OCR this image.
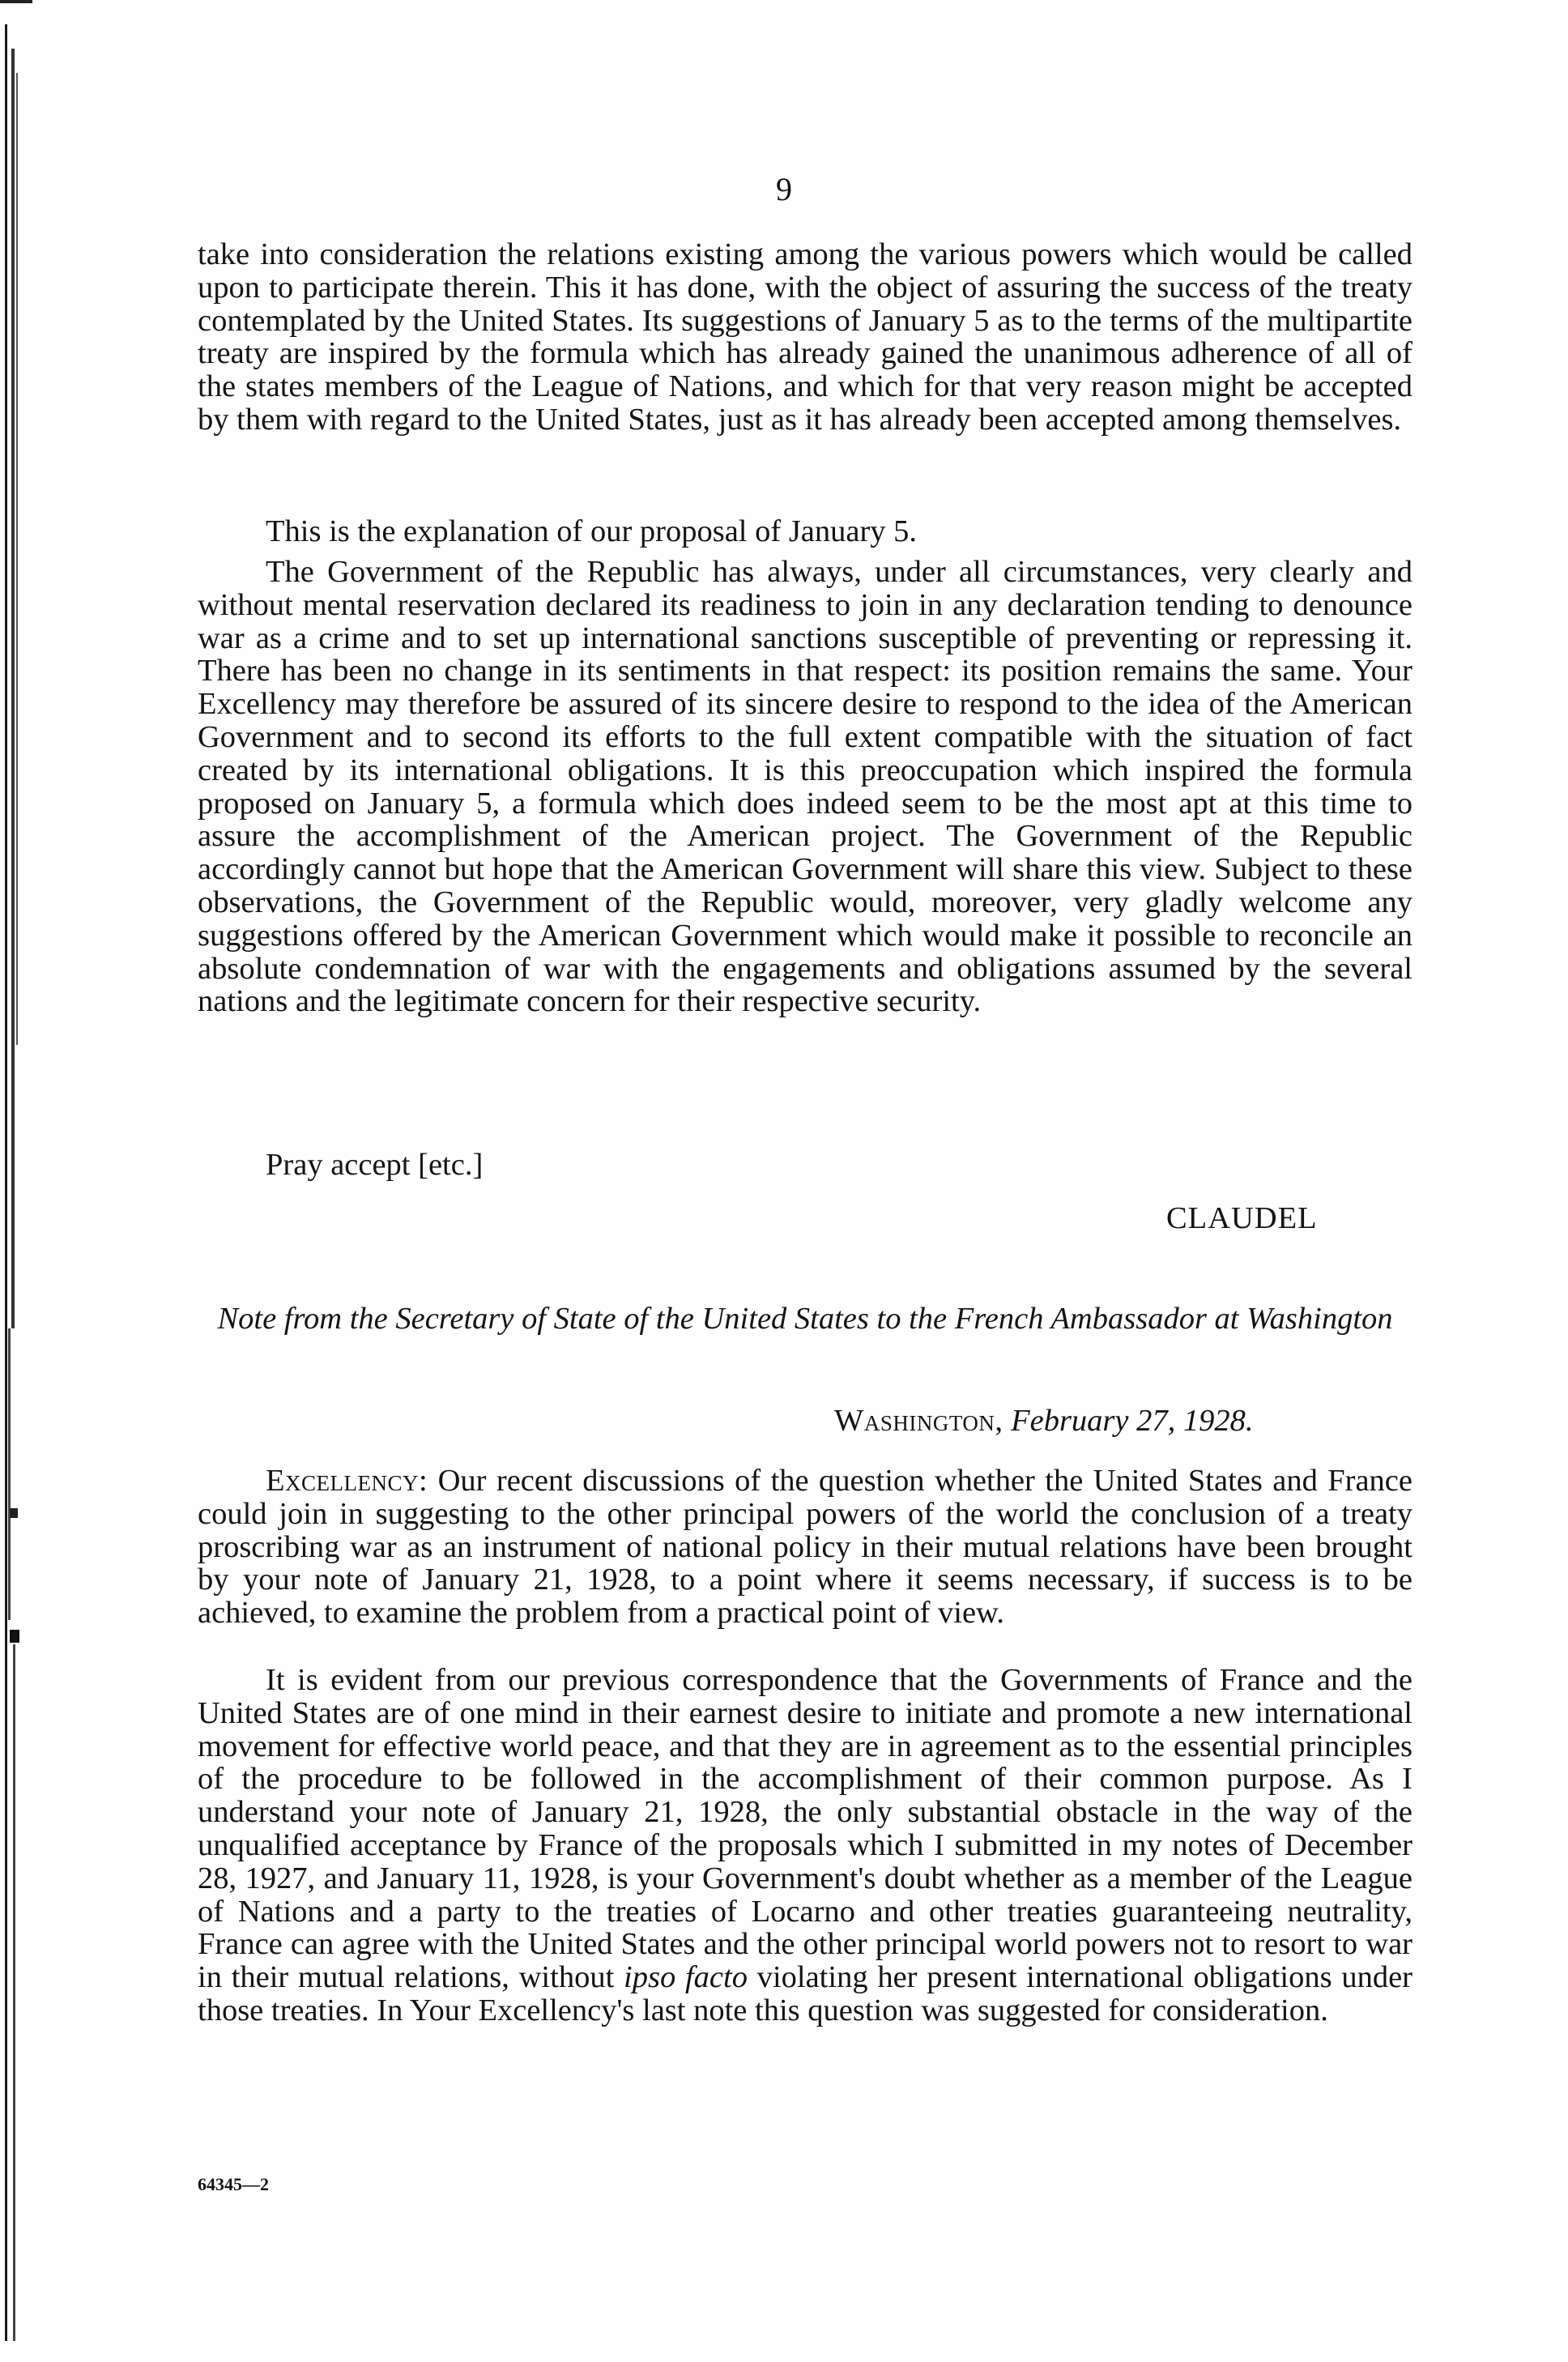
9

take into consideration the relations existing among the various powers which would be called upon to participate therein. This it has done, with the object of assuring the success of the treaty contemplated by the United States. Its suggestions of January 5 as to the terms of the multipartite treaty are inspired by the formula which has already gained the unanimous adherence of all of the states members of the League of Nations, and which for that very reason might be accepted by them with regard to the United States, just as it has already been accepted among themselves.

This is the explanation of our proposal of January 5.

The Government of the Republic has always, under all circumstances, very clearly and without mental reservation declared its readiness to join in any declaration tending to denounce war as a crime and to set up international sanctions susceptible of preventing or repressing it. There has been no change in its sentiments in that respect: its position remains the same. Your Excellency may therefore be assured of its sincere desire to respond to the idea of the American Government and to second its efforts to the full extent compatible with the situation of fact created by its international obligations. It is this preoccupation which inspired the formula proposed on January 5, a formula which does indeed seem to be the most apt at this time to assure the accomplishment of the American project. The Government of the Republic accordingly cannot but hope that the American Government will share this view. Subject to these observations, the Government of the Republic would, moreover, very gladly welcome any suggestions offered by the American Government which would make it possible to reconcile an absolute condemnation of war with the engagements and obligations assumed by the several nations and the legitimate concern for their respective security.

Pray accept [etc.]
CLAUDEL
Note from the Secretary of State of the United States to the French Ambassador at Washington
Washington, February 27, 1928.

Excellency: Our recent discussions of the question whether the United States and France could join in suggesting to the other principal powers of the world the conclusion of a treaty proscribing war as an instrument of national policy in their mutual relations have been brought by your note of January 21, 1928, to a point where it seems necessary, if success is to be achieved, to examine the problem from a practical point of view.

It is evident from our previous correspondence that the Governments of France and the United States are of one mind in their earnest desire to initiate and promote a new international movement for effective world peace, and that they are in agreement as to the essential principles of the procedure to be followed in the accomplishment of their common purpose. As I understand your note of January 21, 1928, the only substantial obstacle in the way of the unqualified acceptance by France of the proposals which I submitted in my notes of December 28, 1927, and January 11, 1928, is your Government's doubt whether as a member of the League of Nations and a party to the treaties of Locarno and other treaties guaranteeing neutrality, France can agree with the United States and the other principal world powers not to resort to war in their mutual relations, without ipso facto violating her present international obligations under those treaties. In Your Excellency's last note this question was suggested for consideration.

64345—2
